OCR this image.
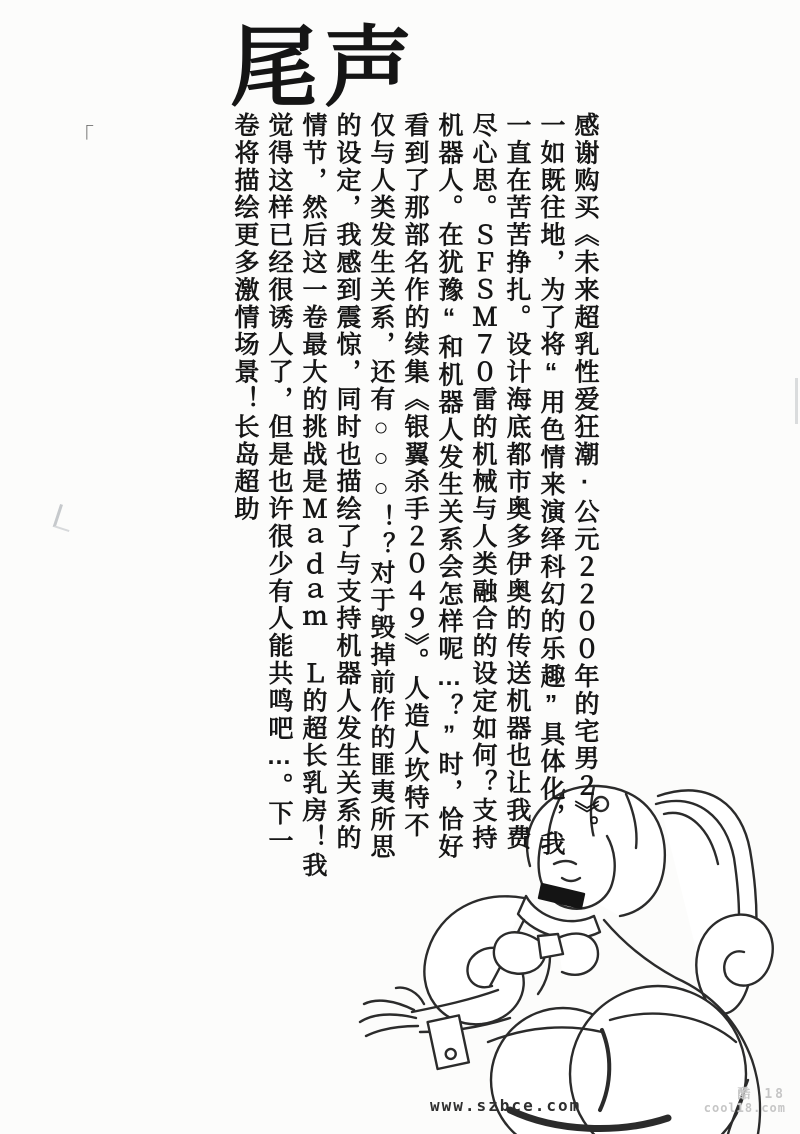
尾声
「	感谢购买《未来超乳性爱狂潮·公元２２００年的宅男２》。
一如既往地，为了将“用色情来演绎科幻的乐趣”具体化，我
一直在苦苦挣扎。设计海底都市奥多伊奥的传送机器也让我费
尽心思。ＳＦＳＭ７０雷的机械与人类融合的设定如何？支持
机器人。在犹豫“和机器人发生关系会怎样呢…？”时，恰好
看到了那部名作的续集《银翼杀手２０４９》。人造人坎特不
仅与人类发生关系，还有○○○！？对于毁掉前作的匪夷所思
的设定，我感到震惊，同时也描绘了与支持机器人发生关系的
情节，然后这一卷最大的挑战是Ｍａｄａｍ　Ｌ的超长乳房！我
觉得这样已经很诱人了，但是也许很少有人能共鸣吧…。下一
卷将描绘更多激情场景！长岛超助
www.szbce.com
酷 18
cool18.com
